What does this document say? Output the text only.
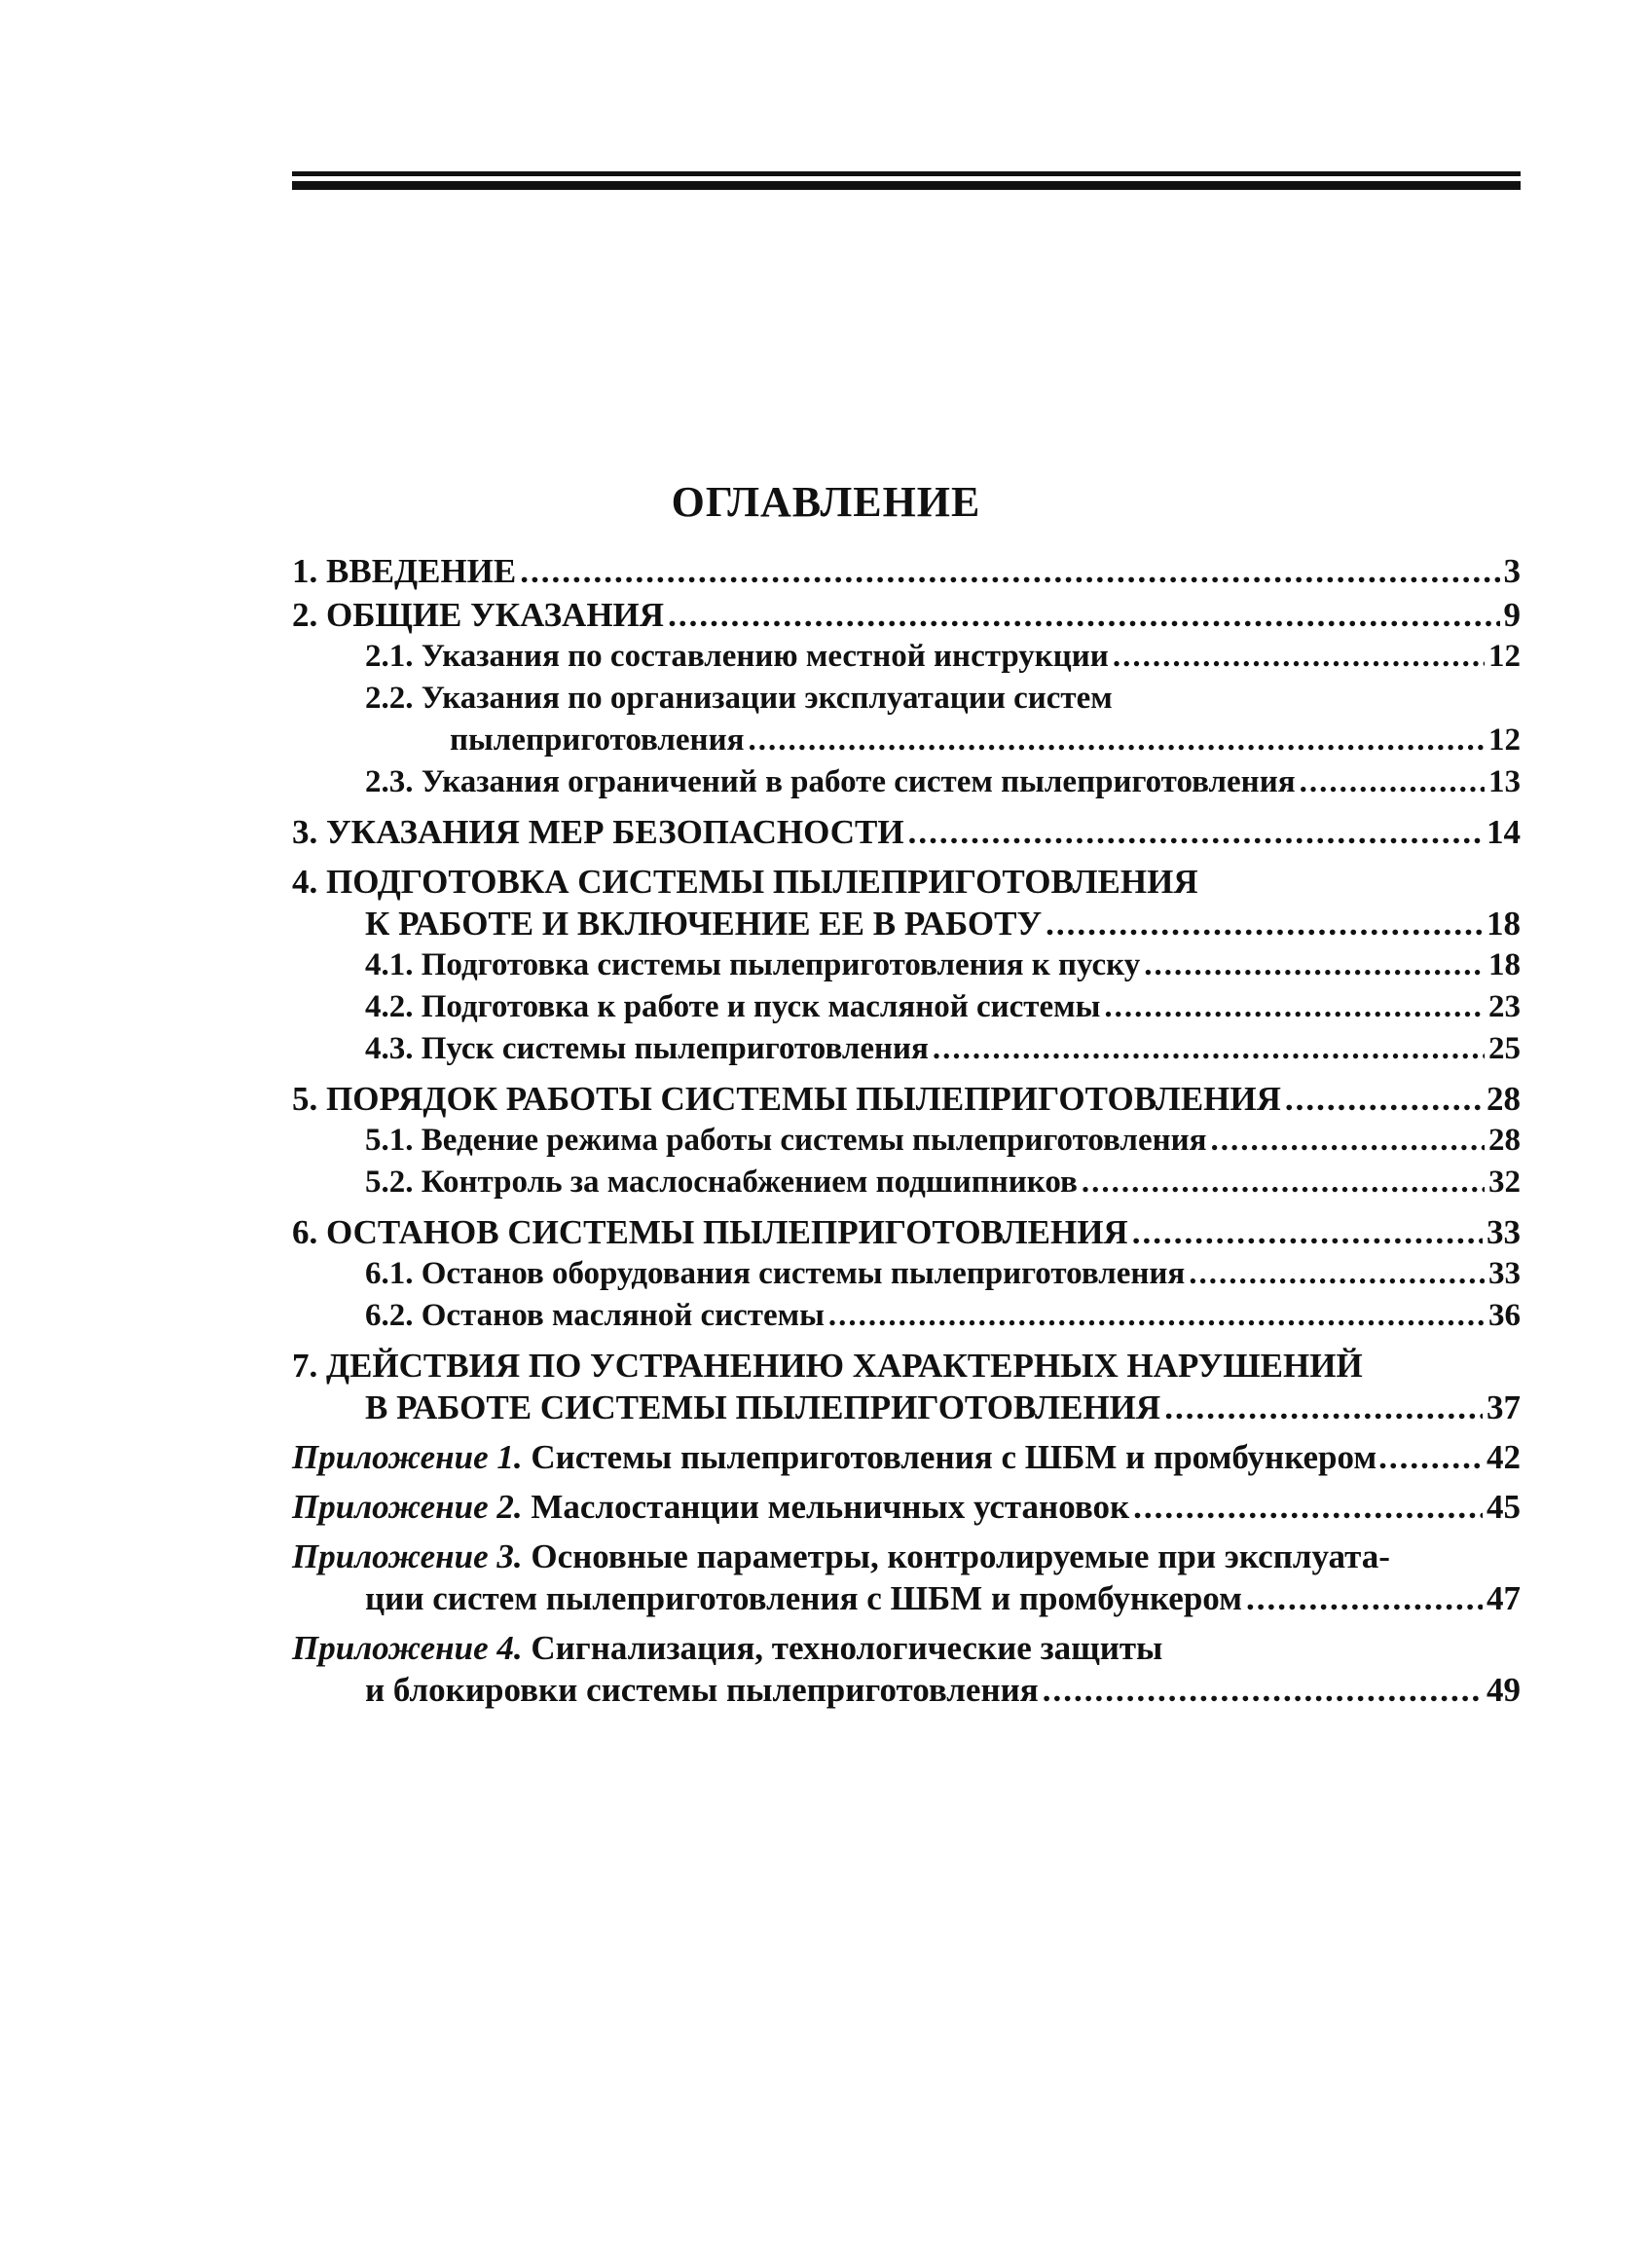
ОГЛАВЛЕНИЕ
1. ВВЕДЕНИЕ .....	3
2. ОБЩИЕ УКАЗАНИЯ .....	9
2.1. Указания по составлению местной инструкции .....	12
2.2. Указания по организации эксплуатации систем
пылеприготовления .....	12
2.3. Указания ограничений в работе систем пылеприготовления .....	13
3. УКАЗАНИЯ МЕР БЕЗОПАСНОСТИ .....	14
4. ПОДГОТОВКА СИСТЕМЫ ПЫЛЕПРИГОТОВЛЕНИЯ
К РАБОТЕ И ВКЛЮЧЕНИЕ ЕЕ В РАБОТУ .....	18
4.1. Подготовка системы пылеприготовления к пуску .....	18
4.2. Подготовка к работе и пуск масляной системы .....	23
4.3. Пуск системы пылеприготовления .....	25
5. ПОРЯДОК РАБОТЫ СИСТЕМЫ ПЫЛЕПРИГОТОВЛЕНИЯ .....	28
5.1. Ведение режима работы системы пылеприготовления .....	28
5.2. Контроль за маслоснабжением подшипников .....	32
6. ОСТАНОВ СИСТЕМЫ ПЫЛЕПРИГОТОВЛЕНИЯ .....	33
6.1. Останов оборудования системы пылеприготовления .....	33
6.2. Останов масляной системы .....	36
7. ДЕЙСТВИЯ ПО УСТРАНЕНИЮ ХАРАКТЕРНЫХ НАРУШЕНИЙ
В РАБОТЕ СИСТЕМЫ ПЫЛЕПРИГОТОВЛЕНИЯ .....	37
Приложение 1. Системы пылеприготовления с ШБМ и промбункером .....	42
Приложение 2. Маслостанции мельничных установок .....	45
Приложение 3. Основные параметры, контролируемые при эксплуата-
ции систем пылеприготовления с ШБМ и промбункером .....	47
Приложение 4. Сигнализация, технологические защиты
и блокировки системы пылеприготовления .....	49
